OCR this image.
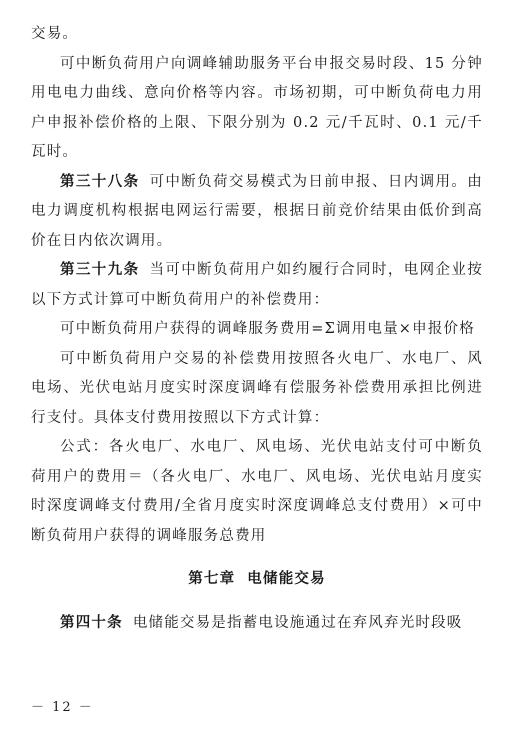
交易。

可中断负荷用户向调峰辅助服务平台申报交易时段、15 分钟用电电力曲线、意向价格等内容。市场初期，可中断负荷电力用户申报补偿价格的上限、下限分别为 0.2 元/千瓦时、0.1 元/千瓦时。

第三十八条 可中断负荷交易模式为日前申报、日内调用。由电力调度机构根据电网运行需要，根据日前竞价结果由低价到高价在日内依次调用。

第三十九条 当可中断负荷用户如约履行合同时，电网企业按以下方式计算可中断负荷用户的补偿费用：

可中断负荷用户获得的调峰服务费用=Σ调用电量×申报价格

可中断负荷用户交易的补偿费用按照各火电厂、水电厂、风电场、光伏电站月度实时深度调峰有偿服务补偿费用承担比例进行支付。具体支付费用按照以下方式计算：

公式：各火电厂、水电厂、风电场、光伏电站支付可中断负荷用户的费用＝（各火电厂、水电厂、风电场、光伏电站月度实时深度调峰支付费用/全省月度实时深度调峰总支付费用）×可中断负荷用户获得的调峰服务总费用

第七章 电储能交易

第四十条 电储能交易是指蓄电设施通过在弃风弃光时段吸

－ 12 －
